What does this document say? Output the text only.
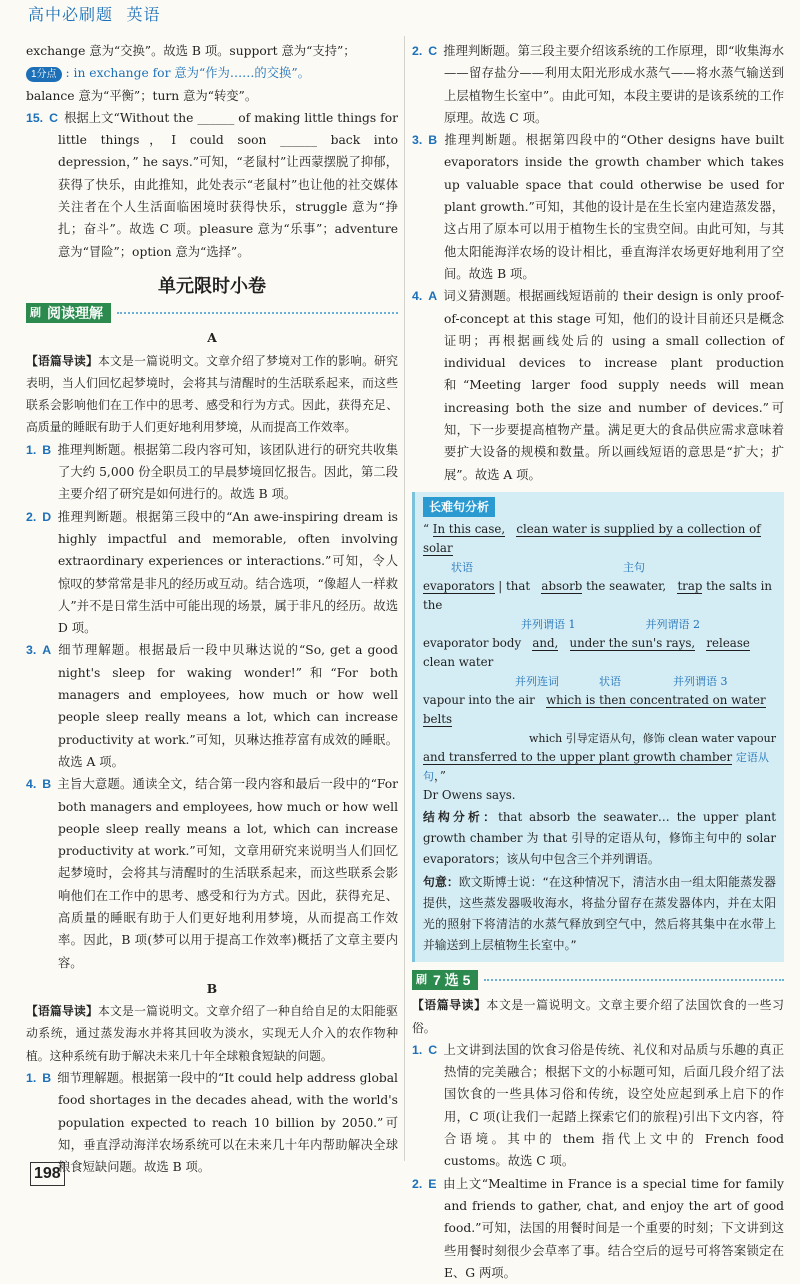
高中必刷题 英语

exchange 意为“交换”。故选 B 项。support 意为“支持”；

1分点 : in exchange for 意为“作为……的交换”。

balance 意为“平衡”；turn 意为“转变”。

15. C 根据上文“Without the ______ of making little things for little things，I could soon ______ back into depression，” he says.”可知，“老鼠村”让西蒙摆脱了抑郁，获得了快乐，由此推知，此处表示“老鼠村”也让他的社交媒体关注者在个人生活面临困境时获得快乐，struggle 意为“挣扎；奋斗”。故选 C 项。pleasure 意为“乐事”；adventure 意为“冒险”；option 意为“选择”。

单元限时小卷
刷 阅读理解

A

【语篇导读】本文是一篇说明文。文章介绍了梦境对工作的影响。研究表明，当人们回忆起梦境时，会将其与清醒时的生活联系起来，而这些联系会影响他们在工作中的思考、感受和行为方式。因此，获得充足、高质量的睡眠有助于人们更好地利用梦境，从而提高工作效率。

1. B 推理判断题。根据第二段内容可知，该团队进行的研究共收集了大约 5,000 份全职员工的早晨梦境回忆报告。因此，第二段主要介绍了研究是如何进行的。故选 B 项。

2. D 推理判断题。根据第三段中的“An awe-inspiring dream is highly impactful and memorable, often involving extraordinary experiences or interactions.”可知，令人惊叹的梦常常是非凡的经历或互动。结合选项，“像超人一样救人”并不是日常生活中可能出现的场景，属于非凡的经历。故选 D 项。

3. A 细节理解题。根据最后一段中贝琳达说的“So, get a good night's sleep for waking wonder!”和“For both managers and employees, how much or how well people sleep really means a lot, which can increase productivity at work.”可知，贝琳达推荐富有成效的睡眠。故选 A 项。

4. B 主旨大意题。通读全文，结合第一段内容和最后一段中的“For both managers and employees, how much or how well people sleep really means a lot, which can increase productivity at work.”可知，文章用研究来说明当人们回忆起梦境时，会将其与清醒时的生活联系起来，而这些联系会影响他们在工作中的思考、感受和行为方式。因此，获得充足、高质量的睡眠有助于人们更好地利用梦境，从而提高工作效率。因此，B 项(梦可以用于提高工作效率)概括了文章主要内容。

B

【语篇导读】本文是一篇说明文。文章介绍了一种自给自足的太阳能驱动系统，通过蒸发海水并将其回收为淡水，实现无人介入的农作物种植。这种系统有助于解决未来几十年全球粮食短缺的问题。

1. B 细节理解题。根据第一段中的“It could help address global food shortages in the decades ahead, with the world's population expected to reach 10 billion by 2050.”可知，垂直浮动海洋农场系统可以在未来几十年内帮助解决全球粮食短缺问题。故选 B 项。

2. C 推理判断题。第三段主要介绍该系统的工作原理，即“收集海水——留存盐分——利用太阳光形成水蒸气——将水蒸气输送到上层植物生长室中”。由此可知，本段主要讲的是该系统的工作原理。故选 C 项。

3. B 推理判断题。根据第四段中的“Other designs have built evaporators inside the growth chamber which takes up valuable space that could otherwise be used for plant growth.”可知，其他的设计是在生长室内建造蒸发器，这占用了原本可以用于植物生长的宝贵空间。由此可知，与其他太阳能海洋农场的设计相比，垂直海洋农场更好地利用了空间。故选 B 项。

4. A 词义猜测题。根据画线短语前的 their design is only proof-of-concept at this stage 可知，他们的设计目前还只是概念证明；再根据画线处后的 using a small collection of individual devices to increase plant production 和“Meeting larger food supply needs will mean increasing both the size and number of devices.”可知，下一步要提高植物产量。满足更大的食品供应需求意味着要扩大设备的规模和数量。所以画线短语的意思是“扩大；扩展”。故选 A 项。

长难句分析
“ In this case, clean water is supplied by a collection of solar
状语	主句
evaporators | that absorb the seawater, trap the salts in the
并列谓语 1	并列谓语 2
evaporator body and, under the sun's rays, release clean water
并列连词	状语	并列谓语 3
vapour into the air which is then concentrated on water belts
which 引导定语从句，修饰 clean water vapour
and transferred to the upper plant growth chamber 定语从句，”
Dr Owens says.

结构分析：that absorb the seawater… the upper plant growth chamber 为 that 引导的定语从句，修饰主句中的 solar evaporators；该从句中包含三个并列谓语。

句意：欧文斯博士说：“在这种情况下，清洁水由一组太阳能蒸发器提供，这些蒸发器吸收海水，将盐分留存在蒸发器体内，并在太阳光的照射下将清洁的水蒸气释放到空气中，然后将其集中在水带上并输送到上层植物生长室中。”

刷 7 选 5

【语篇导读】本文是一篇说明文。文章主要介绍了法国饮食的一些习俗。

1. C 上文讲到法国的饮食习俗是传统、礼仪和对品质与乐趣的真正热情的完美融合；根据下文的小标题可知，后面几段介绍了法国饮食的一些具体习俗和传统，设空处应起到承上启下的作用，C 项(让我们一起踏上探索它们的旅程)引出下文内容，符合语境。其中的 them 指代上文中的 French food customs。故选 C 项。

2. E 由上文“Mealtime in France is a special time for family and friends to gather, chat, and enjoy the art of good food.”可知，法国的用餐时间是一个重要的时刻；下文讲到这些用餐时刻很少会草率了事。结合空后的逗号可将答案锁定在 E、G 两项。

198
